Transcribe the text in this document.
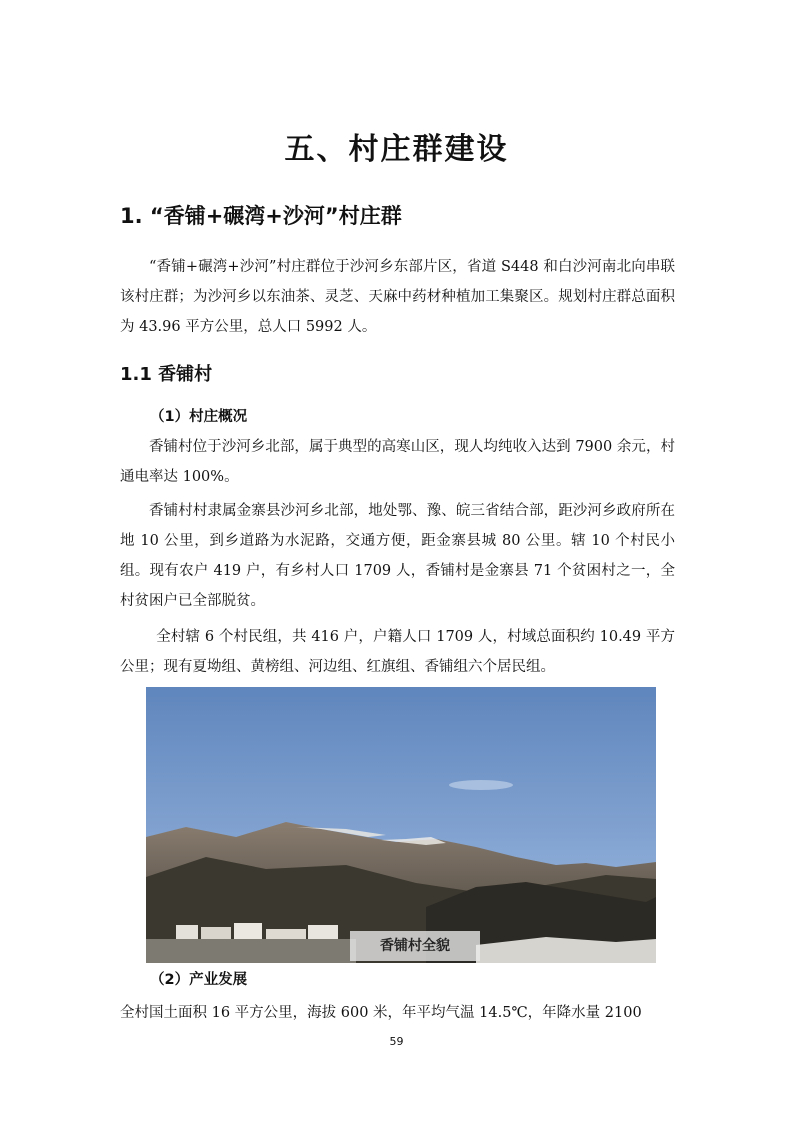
五、村庄群建设
1. “香铺+碾湾+沙河”村庄群

“香铺+碾湾+沙河”村庄群位于沙河乡东部片区，省道 S448 和白沙河南北向串联该村庄群；为沙河乡以东油茶、灵芝、天麻中药材种植加工集聚区。规划村庄群总面积为 43.96 平方公里，总人口 5992 人。

1.1 香铺村
（1）村庄概况

香铺村位于沙河乡北部，属于典型的高寒山区，现人均纯收入达到 7900 余元，村通电率达 100%。

香铺村村隶属金寨县沙河乡北部，地处鄂、豫、皖三省结合部，距沙河乡政府所在地 10 公里，到乡道路为水泥路，交通方便，距金寨县城 80 公里。辖 10 个村民小组。现有农户 419 户，有乡村人口 1709 人，香铺村是金寨县 71 个贫困村之一，全村贫困户已全部脱贫。

全村辖 6 个村民组，共 416 户，户籍人口 1709 人，村域总面积约 10.49 平方公里；现有夏坳组、黄榜组、河边组、红旗组、香铺组六个居民组。

香铺村全貌
（2）产业发展

全村国土面积 16 平方公里，海拔 600 米，年平均气温 14.5℃，年降水量 2100

59
